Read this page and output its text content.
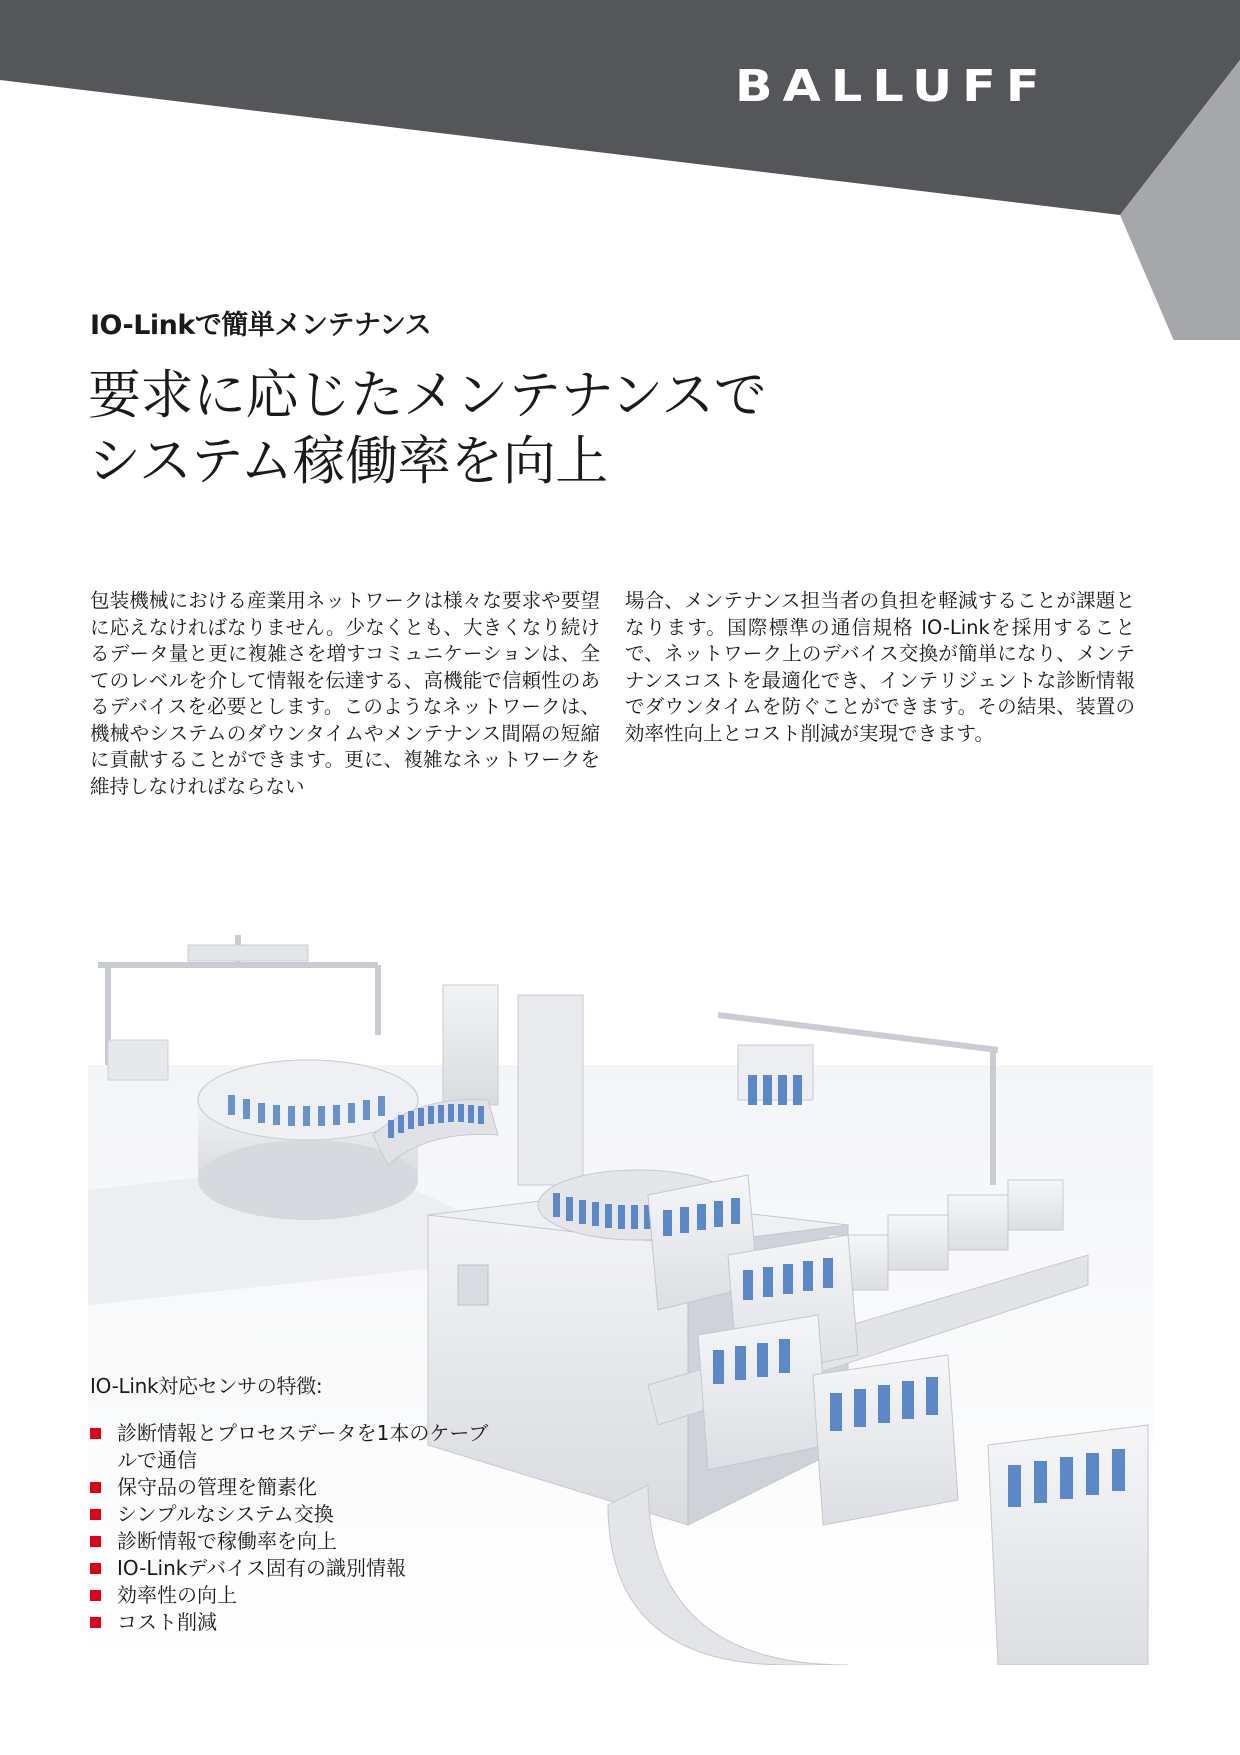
BALLUFF
IO-Linkで簡単メンテナンス
要求に応じたメンテナンスで
システム稼働率を向上
包装機械における産業用ネットワークは様々な要求や要望に応えなければなりません。少なくとも、大きくなり続けるデータ量と更に複雑さを増すコミュニケーションは、全てのレベルを介して情報を伝達する、高機能で信頼性のあるデバイスを必要とします。このようなネットワークは、機械やシステムのダウンタイムやメンテナンス間隔の短縮に貢献することができます。更に、複雑なネットワークを維持しなければならない
場合、メンテナンス担当者の負担を軽減することが課題となります。国際標準の通信規格 IO-Linkを採用することで、ネットワーク上のデバイス交換が簡単になり、メンテナンスコストを最適化でき、インテリジェントな診断情報でダウンタイムを防ぐことができます。その結果、装置の効率性向上とコスト削減が実現できます。
IO-Link対応センサの特徴:
診断情報とプロセスデータを1本のケーブルで通信
保守品の管理を簡素化
シンプルなシステム交換
診断情報で稼働率を向上
IO-Linkデバイス固有の識別情報
効率性の向上
コスト削減
